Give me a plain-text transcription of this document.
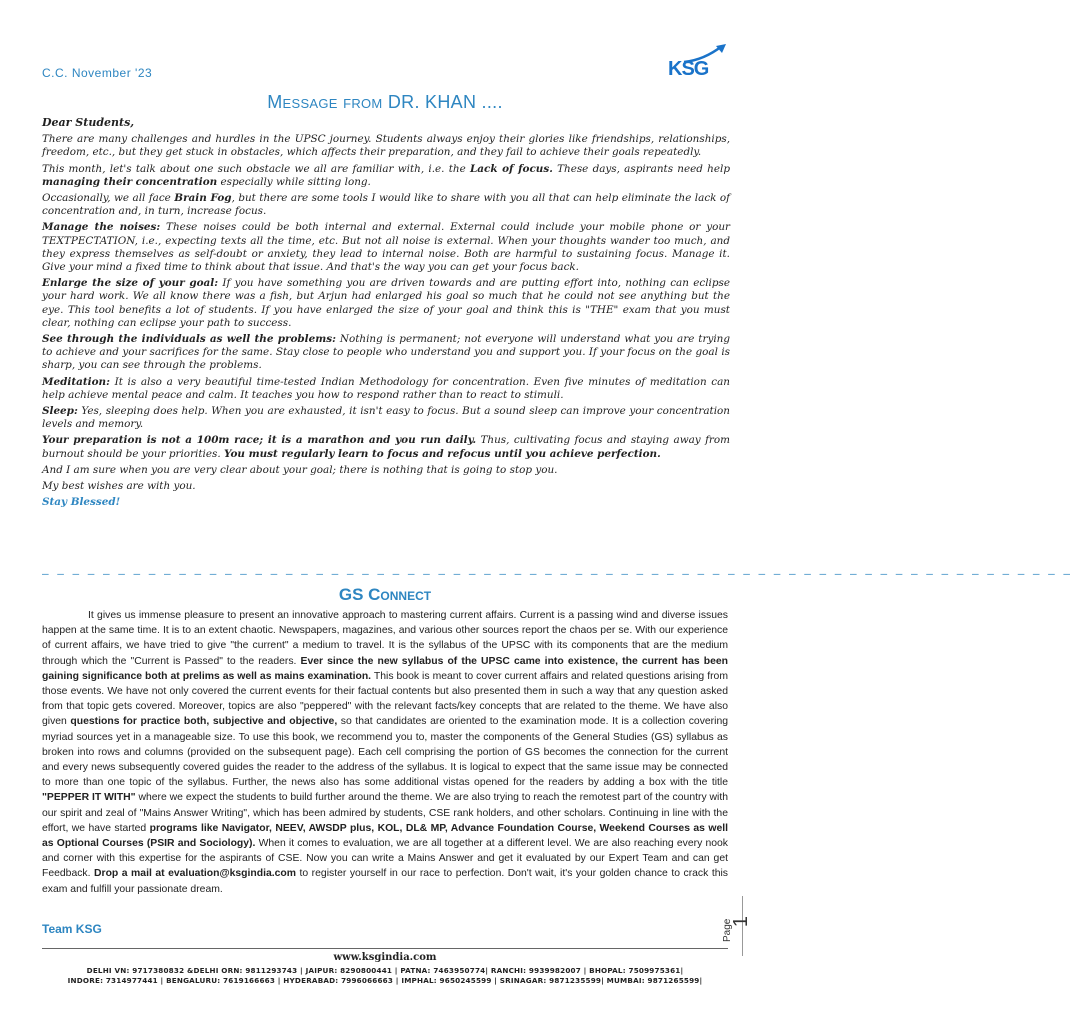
C.C. November '23	KSG
Message from DR. KHAN ....

Dear Students,

There are many challenges and hurdles in the UPSC journey. Students always enjoy their glories like friendships, relationships, freedom, etc., but they get stuck in obstacles, which affects their preparation, and they fail to achieve their goals repeatedly.

This month, let's talk about one such obstacle we all are familiar with, i.e. the Lack of focus. These days, aspirants need help managing their concentration especially while sitting long.

Occasionally, we all face Brain Fog, but there are some tools I would like to share with you all that can help eliminate the lack of concentration and, in turn, increase focus.

Manage the noises: These noises could be both internal and external. External could include your mobile phone or your TEXTPECTATION, i.e., expecting texts all the time, etc. But not all noise is external. When your thoughts wander too much, and they express themselves as self-doubt or anxiety, they lead to internal noise. Both are harmful to sustaining focus. Manage it. Give your mind a fixed time to think about that issue. And that's the way you can get your focus back.

Enlarge the size of your goal: If you have something you are driven towards and are putting effort into, nothing can eclipse your hard work. We all know there was a fish, but Arjun had enlarged his goal so much that he could not see anything but the eye. This tool benefits a lot of students. If you have enlarged the size of your goal and think this is "THE" exam that you must clear, nothing can eclipse your path to success.

See through the individuals as well the problems: Nothing is permanent; not everyone will understand what you are trying to achieve and your sacrifices for the same. Stay close to people who understand you and support you. If your focus on the goal is sharp, you can see through the problems.

Meditation: It is also a very beautiful time-tested Indian Methodology for concentration. Even five minutes of meditation can help achieve mental peace and calm. It teaches you how to respond rather than to react to stimuli.

Sleep: Yes, sleeping does help. When you are exhausted, it isn't easy to focus. But a sound sleep can improve your concentration levels and memory.

Your preparation is not a 100m race; it is a marathon and you run daily. Thus, cultivating focus and staying away from burnout should be your priorities. You must regularly learn to focus and refocus until you achieve perfection.

And I am sure when you are very clear about your goal; there is nothing that is going to stop you.

My best wishes are with you.

Stay Blessed!

– – – – – – – – – – – – – – – – – – – – – – – – – – – – – – – – – – – – – – – – – – – – – – – – – – – – – – – – – – – – – – – – – – – –
GS Connect

It gives us immense pleasure to present an innovative approach to mastering current affairs. Current is a passing wind and diverse issues happen at the same time. It is to an extent chaotic. Newspapers, magazines, and various other sources report the chaos per se. With our experience of current affairs, we have tried to give "the current" a medium to travel. It is the syllabus of the UPSC with its components that are the medium through which the "Current is Passed" to the readers. Ever since the new syllabus of the UPSC came into existence, the current has been gaining significance both at prelims as well as mains examination. This book is meant to cover current affairs and related questions arising from those events. We have not only covered the current events for their factual contents but also presented them in such a way that any question asked from that topic gets covered. Moreover, topics are also "peppered" with the relevant facts/key concepts that are related to the theme. We have also given questions for practice both, subjective and objective, so that candidates are oriented to the examination mode. It is a collection covering myriad sources yet in a manageable size. To use this book, we recommend you to, master the components of the General Studies (GS) syllabus as broken into rows and columns (provided on the subsequent page). Each cell comprising the portion of GS becomes the connection for the current and every news subsequently covered guides the reader to the address of the syllabus. It is logical to expect that the same issue may be connected to more than one topic of the syllabus. Further, the news also has some additional vistas opened for the readers by adding a box with the title "PEPPER IT WITH" where we expect the students to build further around the theme. We are also trying to reach the remotest part of the country with our spirit and zeal of "Mains Answer Writing", which has been admired by students, CSE rank holders, and other scholars. Continuing in line with the effort, we have started programs like Navigator, NEEV, AWSDP plus, KOL, DL& MP, Advance Foundation Course, Weekend Courses as well as Optional Courses (PSIR and Sociology). When it comes to evaluation, we are all together at a different level. We are also reaching every nook and corner with this expertise for the aspirants of CSE. Now you can write a Mains Answer and get it evaluated by our Expert Team and can get Feedback. Drop a mail at evaluation@ksgindia.com to register yourself in our race to perfection. Don't wait, it's your golden chance to crack this exam and fulfill your passionate dream.

Team KSG	Page
1
www.ksgindia.com
DELHI VN: 9717380832 &DELHI ORN: 9811293743 | JAIPUR: 8290800441 | PATNA: 7463950774| RANCHI: 9939982007 | BHOPAL: 7509975361|
INDORE: 7314977441 | BENGALURU: 7619166663 | HYDERABAD: 7996066663 | IMPHAL: 9650245599 | SRINAGAR: 9871235599| MUMBAI: 9871265599|
